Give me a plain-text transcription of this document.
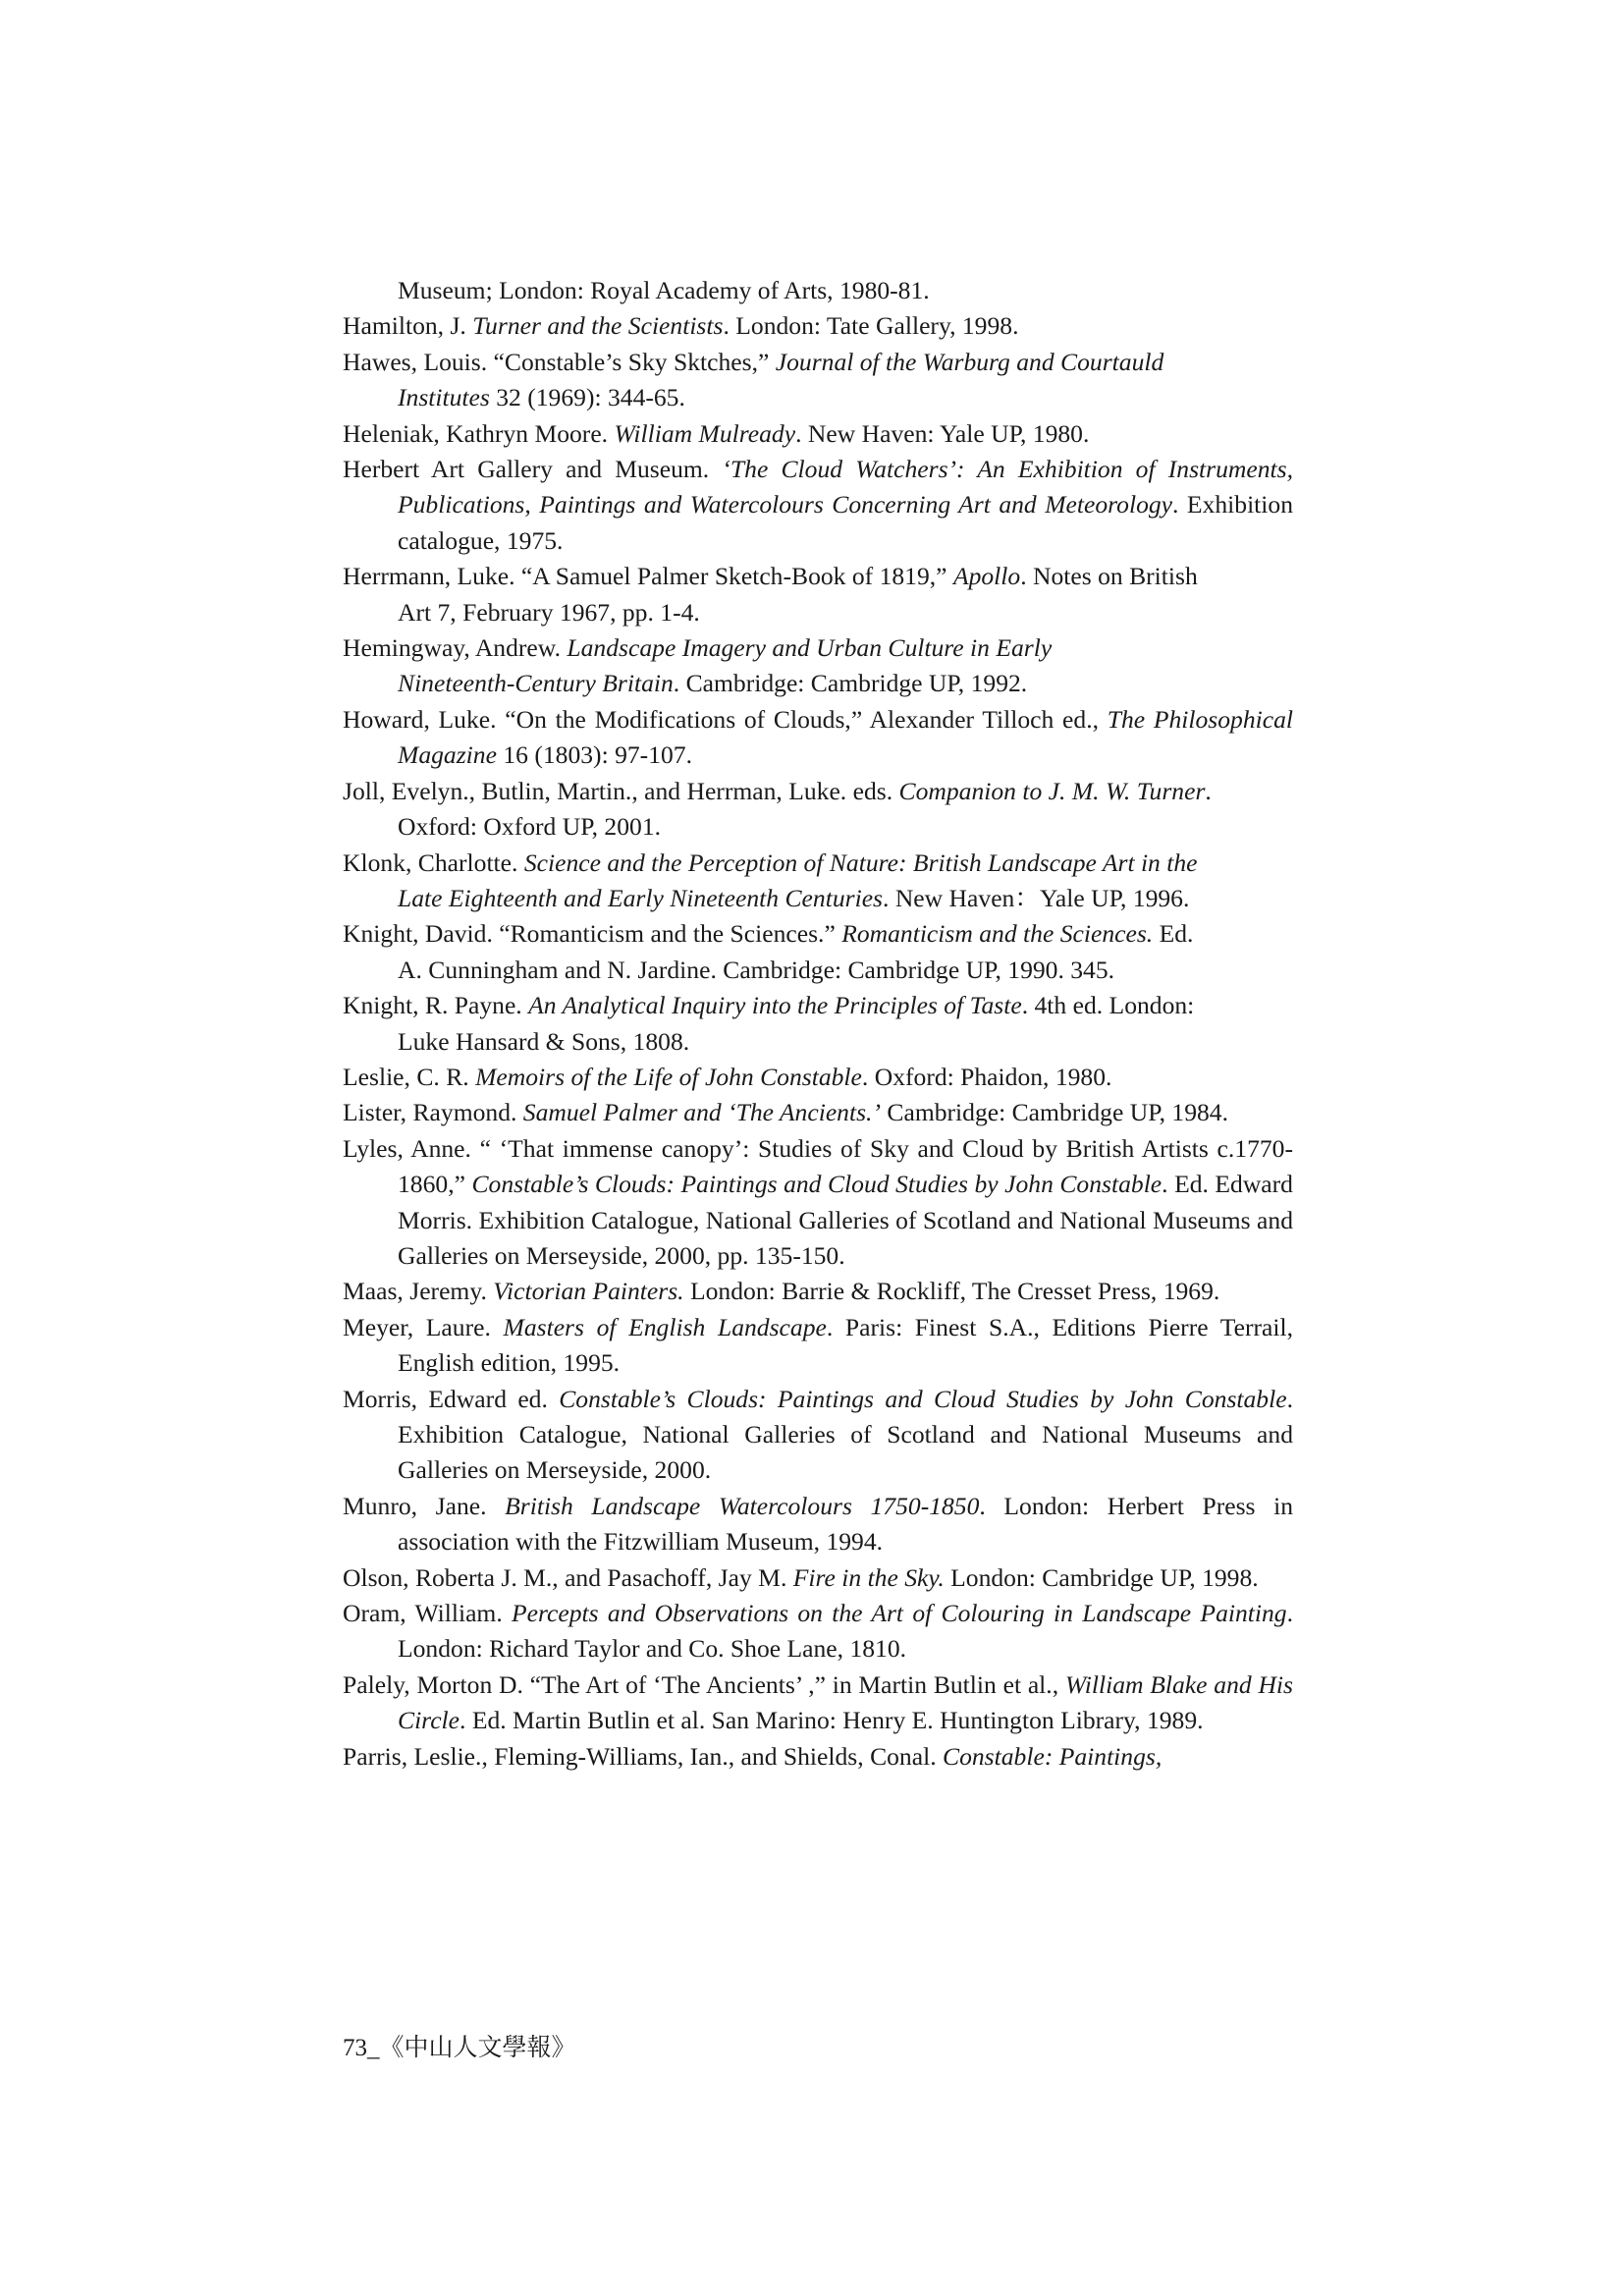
Museum; London: Royal Academy of Arts, 1980-81.

Hamilton, J. Turner and the Scientists. London: Tate Gallery, 1998.

Hawes, Louis. “Constable’s Sky Sktches,” Journal of the Warburg and Courtauld
Institutes 32 (1969): 344-65.

Heleniak, Kathryn Moore. William Mulready. New Haven: Yale UP, 1980.

Herbert Art Gallery and Museum. ‘The Cloud Watchers’: An Exhibition of Instruments, Publications, Paintings and Watercolours Concerning Art and Meteorology. Exhibition catalogue, 1975.

Herrmann, Luke. “A Samuel Palmer Sketch-Book of 1819,” Apollo. Notes on British
Art 7, February 1967, pp. 1-4.

Hemingway, Andrew. Landscape Imagery and Urban Culture in Early
Nineteenth-Century Britain. Cambridge: Cambridge UP, 1992.

Howard, Luke. “On the Modifications of Clouds,” Alexander Tilloch ed., The Philosophical Magazine 16 (1803): 97-107.

Joll, Evelyn., Butlin, Martin., and Herrman, Luke. eds. Companion to J. M. W. Turner.
Oxford: Oxford UP, 2001.

Klonk, Charlotte. Science and the Perception of Nature: British Landscape Art in the
Late Eighteenth and Early Nineteenth Centuries. New Haven：Yale UP, 1996.

Knight, David. “Romanticism and the Sciences.” Romanticism and the Sciences. Ed.
A. Cunningham and N. Jardine. Cambridge: Cambridge UP, 1990. 345.

Knight, R. Payne. An Analytical Inquiry into the Principles of Taste. 4th ed. London:
Luke Hansard & Sons, 1808.

Leslie, C. R. Memoirs of the Life of John Constable. Oxford: Phaidon, 1980.

Lister, Raymond. Samuel Palmer and ‘The Ancients.’ Cambridge: Cambridge UP, 1984.

Lyles, Anne. “ ‘That immense canopy’: Studies of Sky and Cloud by British Artists c.1770-1860,” Constable’s Clouds: Paintings and Cloud Studies by John Constable. Ed. Edward Morris. Exhibition Catalogue, National Galleries of Scotland and National Museums and Galleries on Merseyside, 2000, pp. 135-150.

Maas, Jeremy. Victorian Painters. London: Barrie & Rockliff, The Cresset Press, 1969.

Meyer, Laure. Masters of English Landscape. Paris: Finest S.A., Editions Pierre Terrail, English edition, 1995.

Morris, Edward ed. Constable’s Clouds: Paintings and Cloud Studies by John Constable. Exhibition Catalogue, National Galleries of Scotland and National Museums and Galleries on Merseyside, 2000.

Munro, Jane. British Landscape Watercolours 1750-1850. London: Herbert Press in association with the Fitzwilliam Museum, 1994.

Olson, Roberta J. M., and Pasachoff, Jay M. Fire in the Sky. London: Cambridge UP, 1998.

Oram, William. Percepts and Observations on the Art of Colouring in Landscape Painting. London: Richard Taylor and Co. Shoe Lane, 1810.

Palely, Morton D. “The Art of ‘The Ancients’ ,” in Martin Butlin et al., William Blake and His Circle. Ed. Martin Butlin et al. San Marino: Henry E. Huntington Library, 1989.

Parris, Leslie., Fleming-Williams, Ian., and Shields, Conal. Constable: Paintings,

73_《中山人文學報》
